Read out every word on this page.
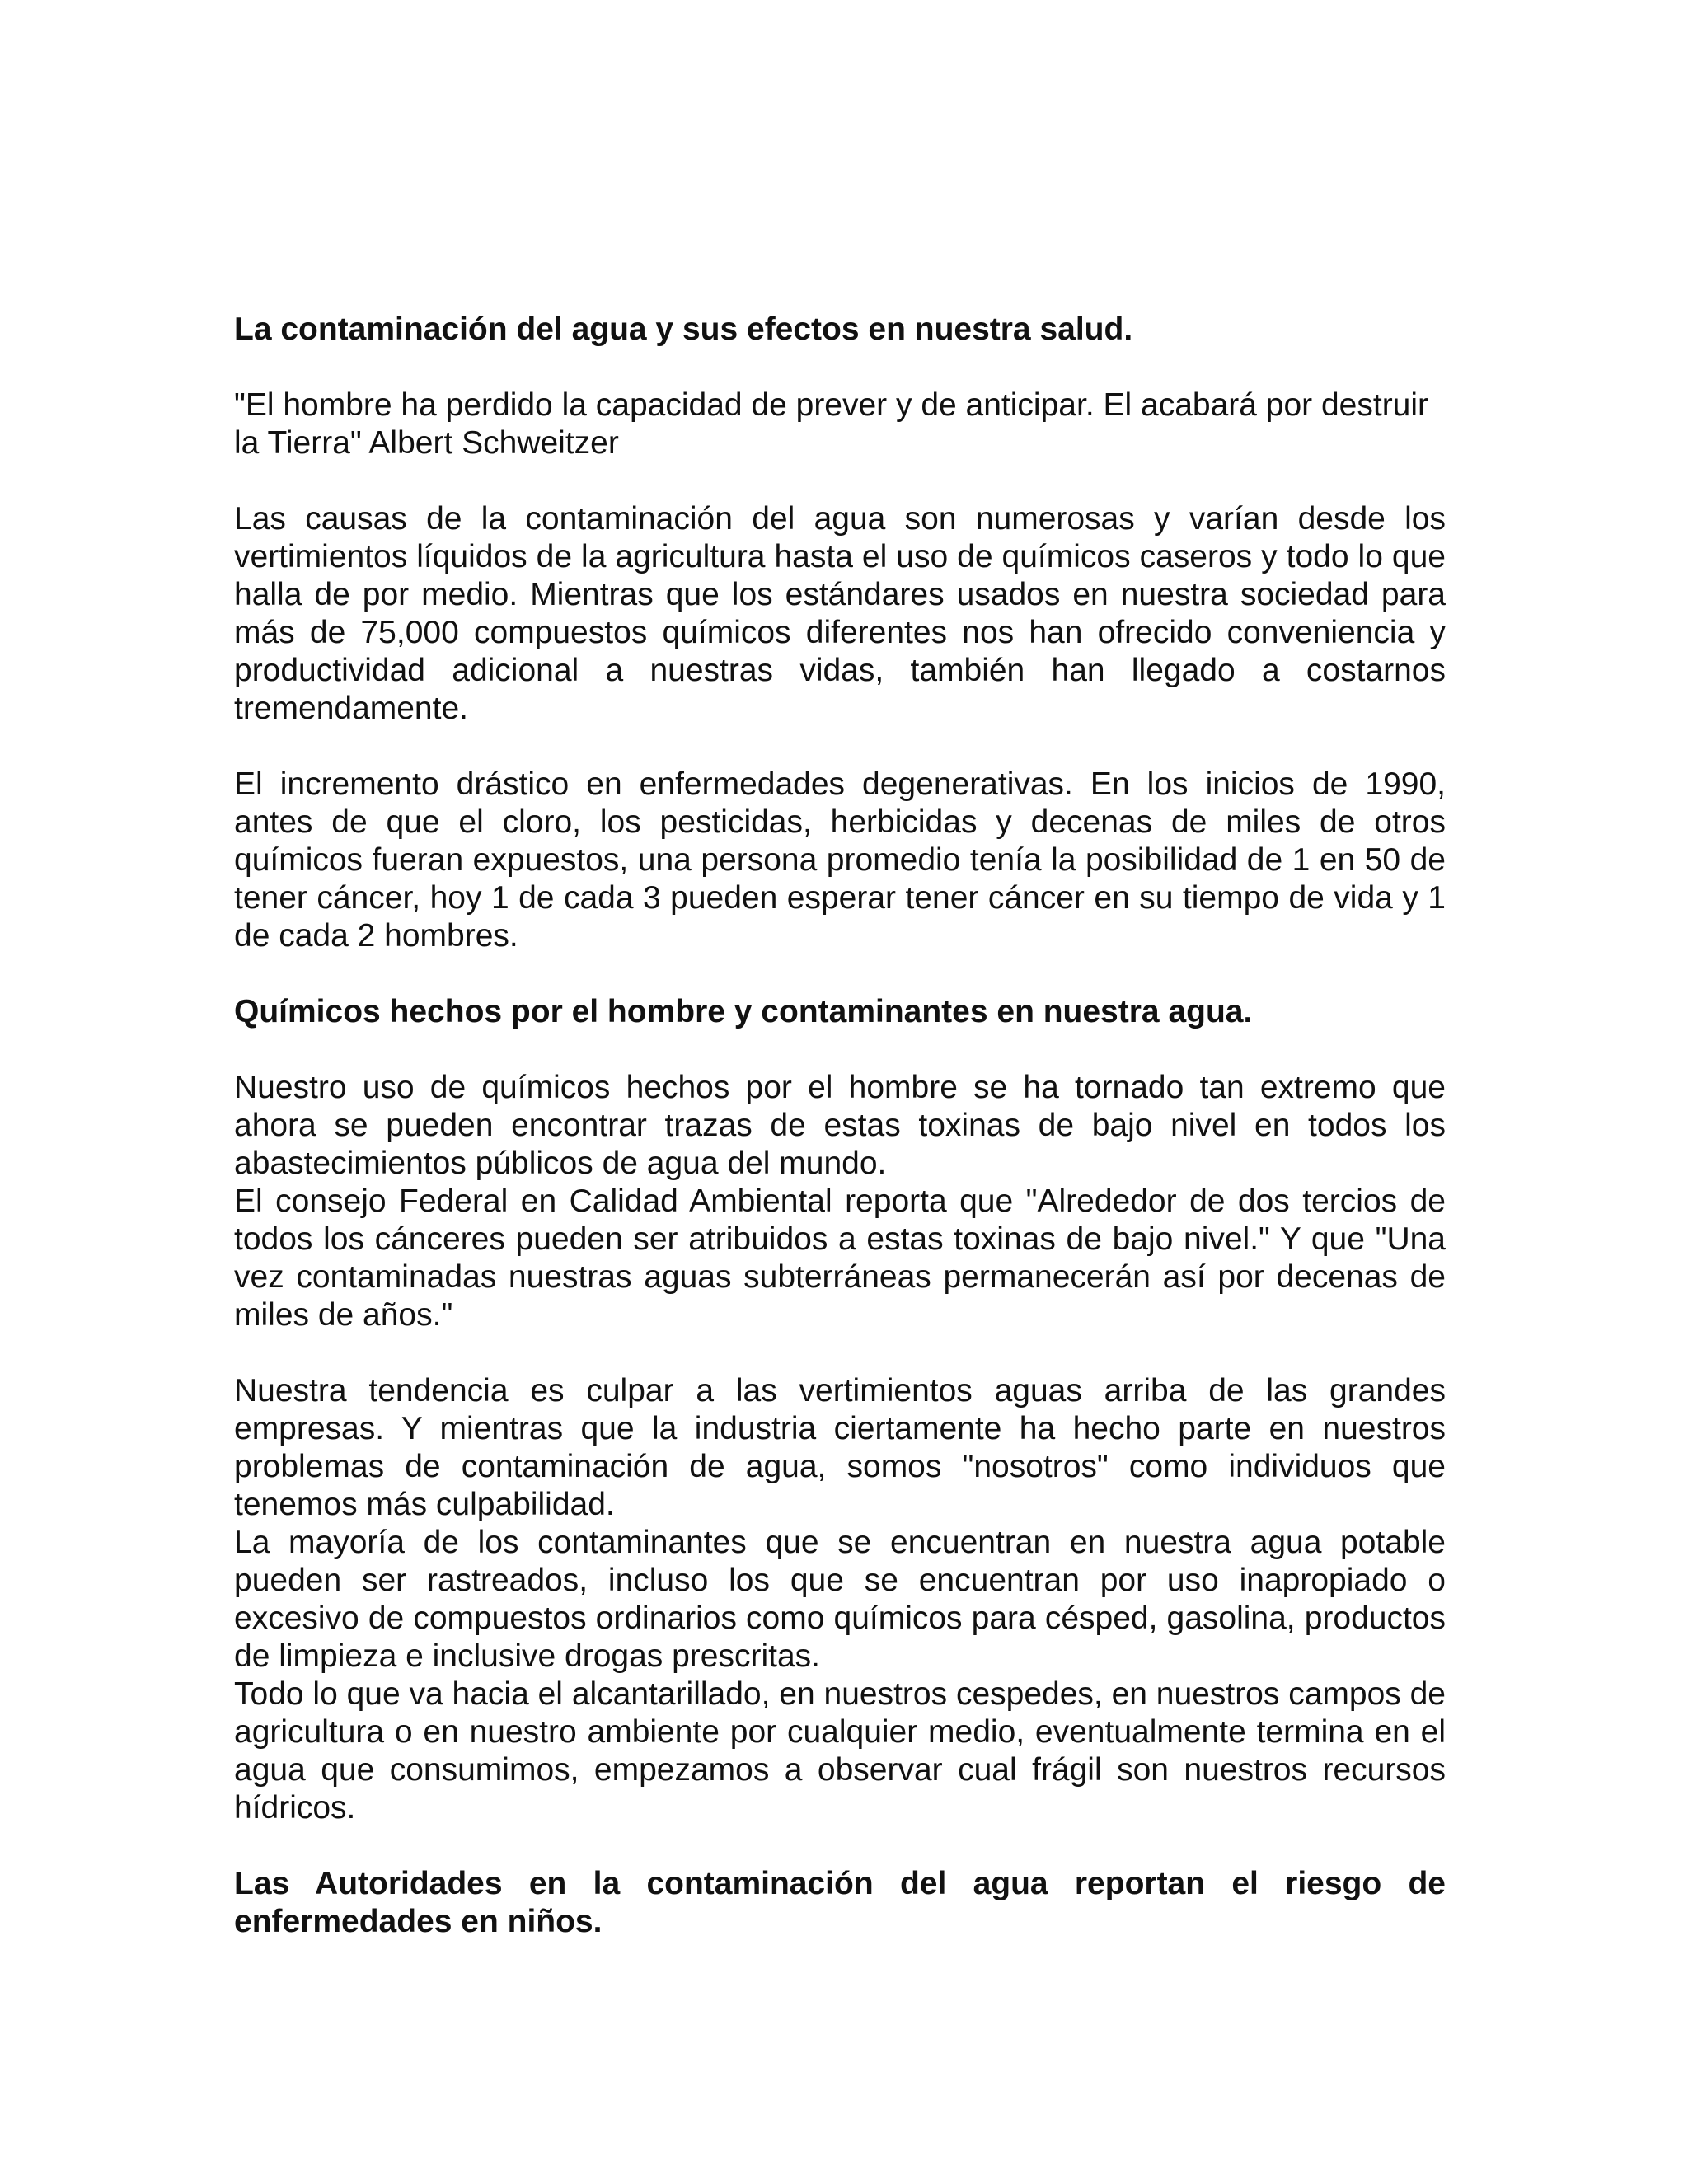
La contaminación del agua y sus efectos en nuestra salud.

"El hombre ha perdido la capacidad de prever y de anticipar. El acabará por destruir la Tierra" Albert Schweitzer

Las causas de la contaminación del agua son numerosas y varían desde los vertimientos líquidos de la agricultura hasta el uso de químicos caseros y todo lo que halla de por medio. Mientras que los estándares usados en nuestra sociedad para más de 75,000 compuestos químicos diferentes nos han ofrecido conveniencia y productividad adicional a nuestras vidas, también han llegado a costarnos tremendamente.

El incremento drástico en enfermedades degenerativas. En los inicios de 1990, antes de que el cloro, los pesticidas, herbicidas y decenas de miles de otros químicos fueran expuestos, una persona promedio tenía la posibilidad de 1 en 50 de tener cáncer, hoy 1 de cada 3 pueden esperar tener cáncer en su tiempo de vida y 1 de cada 2 hombres.

Químicos hechos por el hombre y contaminantes en nuestra agua.

Nuestro uso de químicos hechos por el hombre se ha tornado tan extremo que ahora se pueden encontrar trazas de estas toxinas de bajo nivel en todos los abastecimientos públicos de agua del mundo.

El consejo Federal en Calidad Ambiental reporta que "Alrededor de dos tercios de todos los cánceres pueden ser atribuidos a estas toxinas de bajo nivel." Y que "Una vez contaminadas nuestras aguas subterráneas permanecerán así por decenas de miles de años."

Nuestra tendencia es culpar a las vertimientos aguas arriba de las grandes empresas. Y mientras que la industria ciertamente ha hecho parte en nuestros problemas de contaminación de agua, somos "nosotros" como individuos que tenemos más culpabilidad.

La mayoría de los contaminantes que se encuentran en nuestra agua potable pueden ser rastreados, incluso los que se encuentran por uso inapropiado o excesivo de compuestos ordinarios como químicos para césped, gasolina, productos de limpieza e inclusive drogas prescritas.

Todo lo que va hacia el alcantarillado, en nuestros cespedes, en nuestros campos de agricultura o en nuestro ambiente por cualquier medio, eventualmente termina en el agua que consumimos, empezamos a observar cual frágil son nuestros recursos hídricos.

Las Autoridades en la contaminación del agua reportan el riesgo de enfermedades en niños.
